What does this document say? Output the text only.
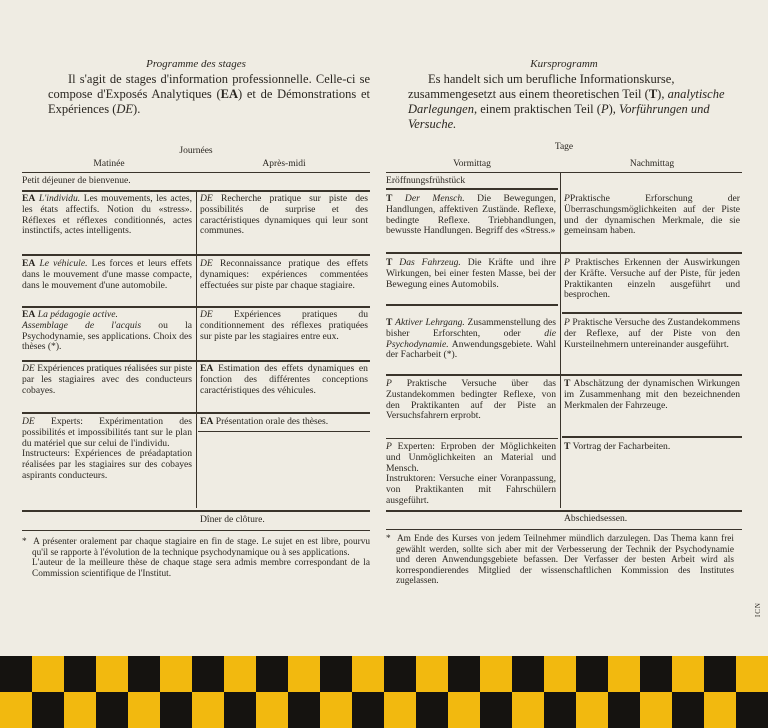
Programme des stages

Il s'agit de stages d'information professionnelle. Celle-ci se compose d'Exposés Analytiques (EA) et de Démonstrations et Expériences (DE).

Journées
Matinée	Après-midi
Petit déjeuner de bienvenue.

EA L'individu. Les mouvements, les actes, les états affectifs. Notion du «stress». Réflexes et réflexes conditionnés, actes instinctifs, actes intelligents.

DE Recherche pratique sur piste des possibilités de surprise et des caractéristiques dynamiques qui leur sont communes.

EA Le véhicule. Les forces et leurs effets dans le mouvement d'une masse compacte, dans le mouvement d'une automobile.

DE Reconnaissance pratique des effets dynamiques: expériences commentées effectuées sur piste par chaque stagiaire.

EA La pédagogie active.

Assemblage de l'acquis ou la Psychodynamie, ses applications. Choix des thèses (*).

DE Expériences pratiques du conditionnement des réflexes pratiquées sur piste par les stagiaires entre eux.

DE Expériences pratiques réalisées sur piste par les stagiaires avec des conducteurs cobayes.

EA Estimation des effets dynamiques en fonction des différentes conceptions caractéristiques des véhicules.

DE Experts: Expérimentation des possibilités et impossibilités tant sur le plan du matériel que sur celui de l'individu.

Instructeurs: Expériences de préadaptation réalisées par les stagiaires sur des cobayes aspirants conducteurs.

EA Présentation orale des thèses.

Dîner de clôture.

* A présenter oralement par chaque stagiaire en fin de stage. Le sujet en est libre, pourvu qu'il se rapporte à l'évolution de la technique psychodynamique ou à ses applications.

L'auteur de la meilleure thèse de chaque stage sera admis membre correspondant de la Commission scientifique de l'Institut.

Kursprogramm

Es handelt sich um berufliche Informationskurse, zusammengesetzt aus einem theoretischen Teil (T), analytische Darlegungen, einem praktischen Teil (P), Vorführungen und Versuche.

Tage
Vormittag	Nachmittag
Eröffnungsfrühstück

T Der Mensch. Die Bewegungen, Handlungen, affektiven Zustände. Reflexe, bedingte Reflexe. Triebhandlungen, bewusste Handlungen. Begriff des «Stress.»

PPraktische Erforschung der Überraschungsmöglichkeiten auf der Piste und der dynamischen Merkmale, die sie gemeinsam haben.

T Das Fahrzeug. Die Kräfte und ihre Wirkungen, bei einer festen Masse, bei der Bewegung eines Automobils.

P Praktisches Erkennen der Auswirkungen der Kräfte. Versuche auf der Piste, für jeden Praktikanten einzeln ausgeführt und besprochen.

T Aktiver Lehrgang. Zusammenstellung des bisher Erforschten, oder die Psychodynamie. Anwendungsgebiete. Wahl der Facharbeit (*).

P Praktische Versuche des Zustandekommens der Reflexe, auf der Piste von den Kursteilnehmern untereinander ausgeführt.

P Praktische Versuche über das Zustandekommen bedingter Reflexe, von den Praktikanten auf der Piste an Versuchsfahrern erprobt.

T Abschätzung der dynamischen Wirkungen im Zusammenhang mit den bezeichnenden Merkmalen der Fahrzeuge.

P Experten: Erproben der Möglichkeiten und Unmöglichkeiten an Material und Mensch.

Instruktoren: Versuche einer Voranpassung, von Praktikanten mit Fahrschülern ausgeführt.

T Vortrag der Facharbeiten.

Abschiedsessen.

* Am Ende des Kurses von jedem Teilnehmer mündlich darzulegen. Das Thema kann frei gewählt werden, sollte sich aber mit der Verbesserung der Technik der Psychodynamie und deren Anwendungsgebiete befassen. Der Verfasser der besten Arbeit wird als korrespondierendes Mitglied der wissenschaftlichen Kommission des Institutes zugelassen.

ICN
